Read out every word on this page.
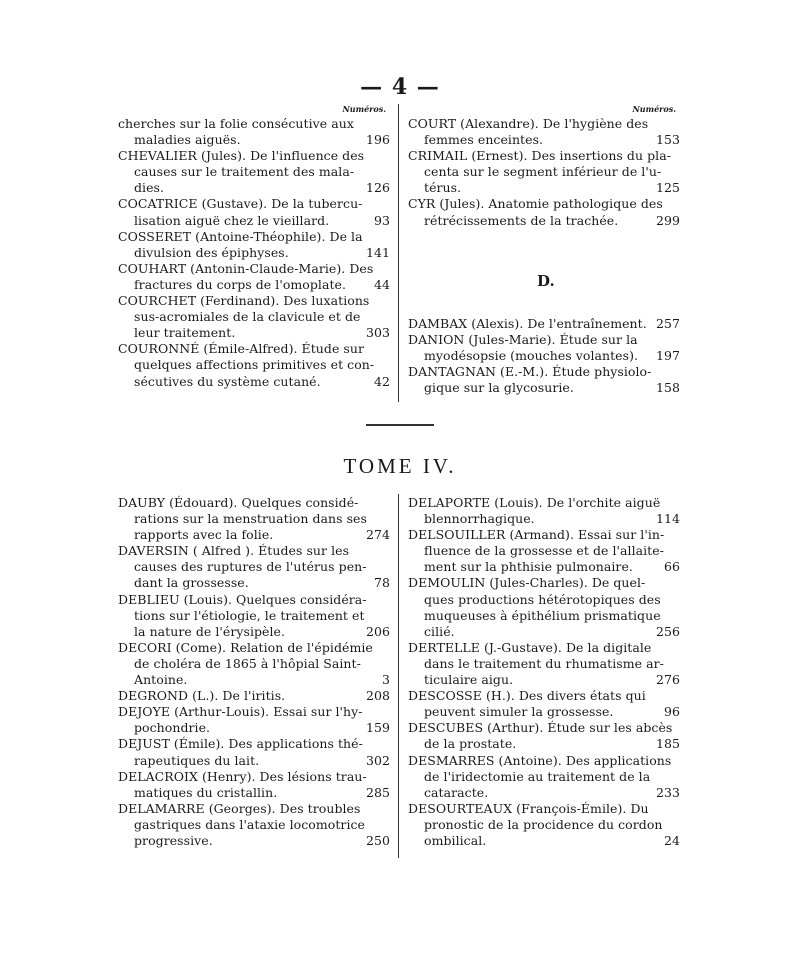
— 4 —
Numéros.
cherches sur la folie consécutive aux
maladies aiguës.	196
CHEVALIER (Jules). De l'influence des
causes sur le traitement des mala-
dies.	126
COCATRICE (Gustave). De la tubercu-
lisation aiguë chez le vieillard.	93
COSSERET (Antoine-Théophile). De la
divulsion des épiphyses.	141
COUHART (Antonin-Claude-Marie). Des
fractures du corps de l'omoplate. 44
COURCHET (Ferdinand). Des luxations
sus-acromiales de la clavicule et de
leur traitement.	303
COURONNÉ (Émile-Alfred). Étude sur
quelques affections primitives et con-
sécutives du système cutané.	42
Numéros.
COURT (Alexandre). De l'hygiène des
femmes enceintes.	153
CRIMAIL (Ernest). Des insertions du pla-
centa sur le segment inférieur de l'u-
térus.	125
CYR (Jules). Anatomie pathologique des
rétrécissements de la trachée.	299
D.
DAMBAX (Alexis). De l'entraînement. 257
DANION (Jules-Marie). Étude sur la
myodésopsie (mouches volantes). 197
DANTAGNAN (E.-M.). Étude physiolo-
gique sur la glycosurie.	158
TOME IV.
DAUBY (Édouard). Quelques considé-
rations sur la menstruation dans ses
rapports avec la folie.	274
DAVERSIN ( Alfred ). Études sur les
causes des ruptures de l'utérus pen-
dant la grossesse.	78
DEBLIEU (Louis). Quelques considéra-
tions sur l'étiologie, le traitement et
la nature de l'érysipèle.	206
DECORI (Come). Relation de l'épidémie
de choléra de 1865 à l'hôpial Saint-
Antoine.	3
DEGROND (L.). De l'iritis.	208
DEJOYE (Arthur-Louis). Essai sur l'hy-
pochondrie.	159
DEJUST (Émile). Des applications thé-
rapeutiques du lait.	302
DELACROIX (Henry). Des lésions trau-
matiques du cristallin.	285
DELAMARRE (Georges). Des troubles
gastriques dans l'ataxie locomotrice
progressive.	250
DELAPORTE (Louis). De l'orchite aiguë
blennorrhagique.	114
DELSOUILLER (Armand). Essai sur l'in-
fluence de la grossesse et de l'allaite-
ment sur la phthisie pulmonaire. 66
DEMOULIN (Jules-Charles). De quel-
ques productions hétérotopiques des
muqueuses à épithélium prismatique
cilié.	256
DERTELLE (J.-Gustave). De la digitale
dans le traitement du rhumatisme ar-
ticulaire aigu.	276
DESCOSSE (H.). Des divers états qui
peuvent simuler la grossesse.	96
DESCUBES (Arthur). Étude sur les abcès
de la prostate.	185
DESMARRES (Antoine). Des applications
de l'iridectomie au traitement de la
cataracte.	233
DESOURTEAUX (François-Émile). Du
pronostic de la procidence du cordon
ombilical.	24
